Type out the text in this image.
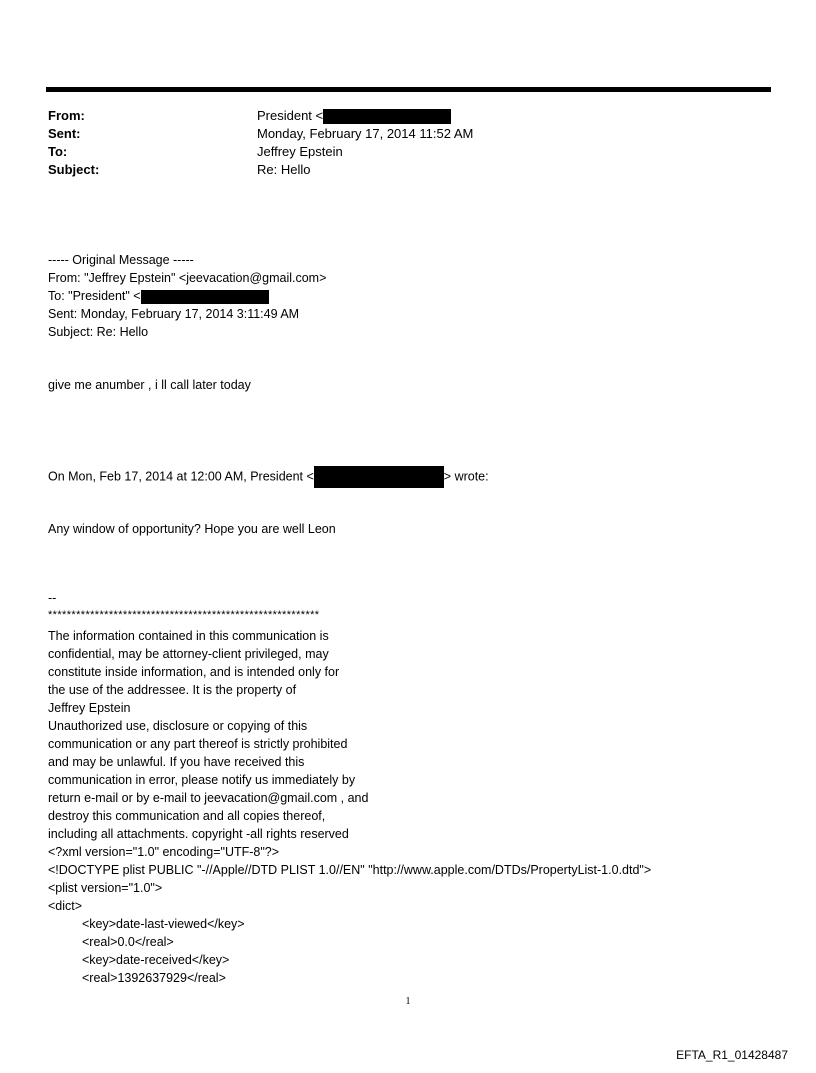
From:	President <
Sent:	Monday, February 17, 2014 11:52 AM
To:	Jeffrey Epstein
Subject:	Re: Hello
----- Original Message -----
From: "Jeffrey Epstein" <jeevacation@gmail.com>
To: "President" <
Sent: Monday, February 17, 2014 3:11:49 AM
Subject: Re: Hello
give me anumber , i ll call later today
On Mon, Feb 17, 2014 at 12:00 AM, President <	> wrote:
Any window of opportunity? Hope you are well Leon
--
**********************************************************
The information contained in this communication is
confidential, may be attorney-client privileged, may
constitute inside information, and is intended only for
the use of the addressee. It is the property of
Jeffrey Epstein
Unauthorized use, disclosure or copying of this
communication or any part thereof is strictly prohibited
and may be unlawful. If you have received this
communication in error, please notify us immediately by
return e-mail or by e-mail to jeevacation@gmail.com , and
destroy this communication and all copies thereof,
including all attachments. copyright -all rights reserved
<?xml version="1.0" encoding="UTF-8"?>
<!DOCTYPE plist PUBLIC "-//Apple//DTD PLIST 1.0//EN" "http://www.apple.com/DTDs/PropertyList-1.0.dtd">
<plist version="1.0">
<dict>
<key>date-last-viewed</key>
<real>0.0</real>
<key>date-received</key>
<real>1392637929</real>
1
EFTA_R1_01428487
